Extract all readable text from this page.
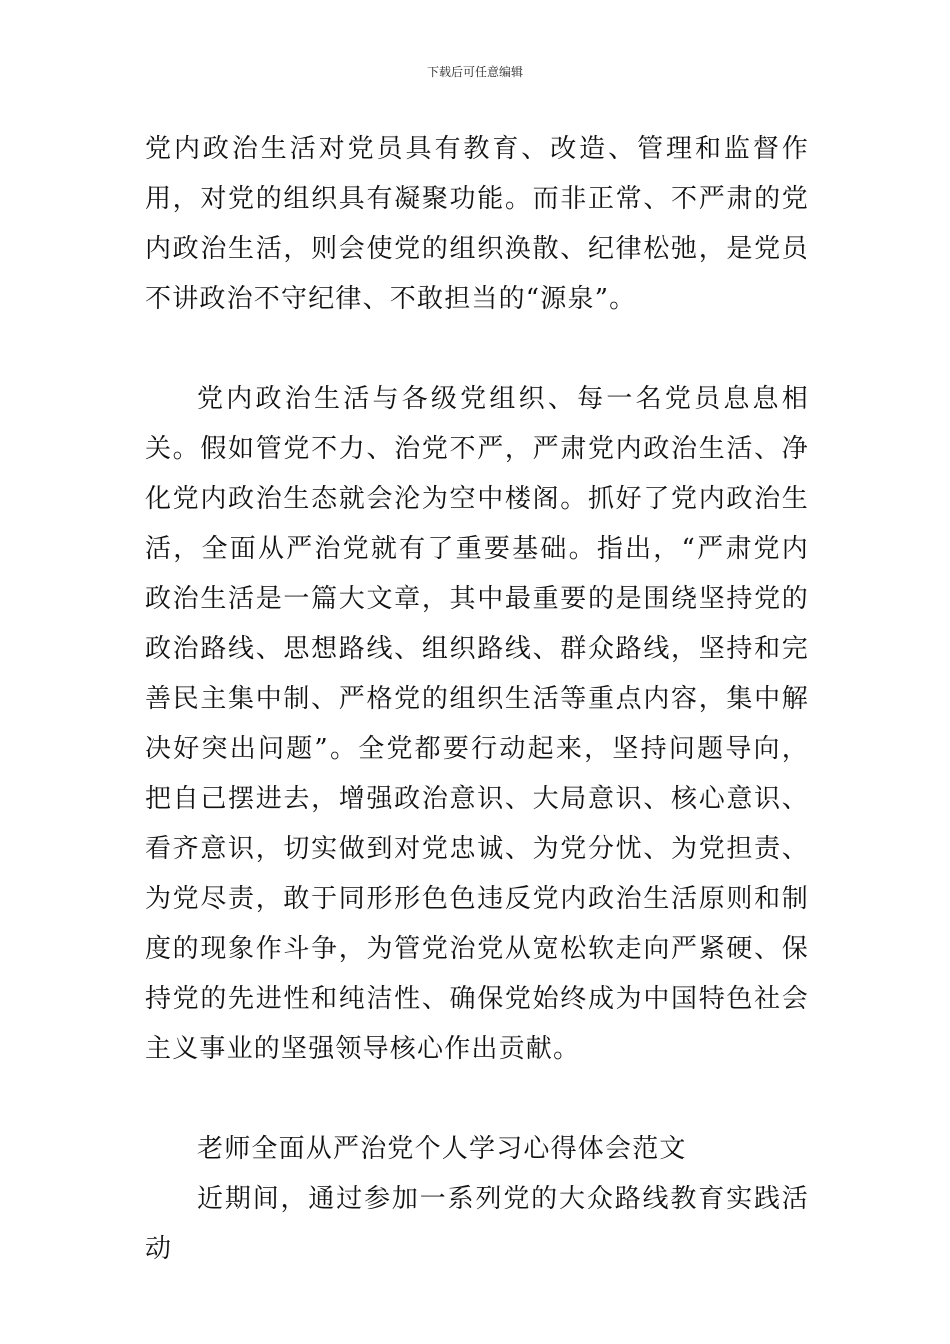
下载后可任意编辑

党内政治生活对党员具有教育、改造、管理和监督作用，对党的组织具有凝聚功能。而非正常、不严肃的党内政治生活，则会使党的组织涣散、纪律松弛，是党员不讲政治不守纪律、不敢担当的“源泉”。

党内政治生活与各级党组织、每一名党员息息相关。假如管党不力、治党不严，严肃党内政治生活、净化党内政治生态就会沦为空中楼阁。抓好了党内政治生活，全面从严治党就有了重要基础。指出，“严肃党内政治生活是一篇大文章，其中最重要的是围绕坚持党的政治路线、思想路线、组织路线、群众路线，坚持和完善民主集中制、严格党的组织生活等重点内容，集中解决好突出问题”。全党都要行动起来，坚持问题导向，把自己摆进去，增强政治意识、大局意识、核心意识、看齐意识，切实做到对党忠诚、为党分忧、为党担责、为党尽责，敢于同形形色色违反党内政治生活原则和制度的现象作斗争，为管党治党从宽松软走向严紧硬、保持党的先进性和纯洁性、确保党始终成为中国特色社会主义事业的坚强领导核心作出贡献。

老师全面从严治党个人学习心得体会范文

近期间，通过参加一系列党的大众路线教育实践活动
